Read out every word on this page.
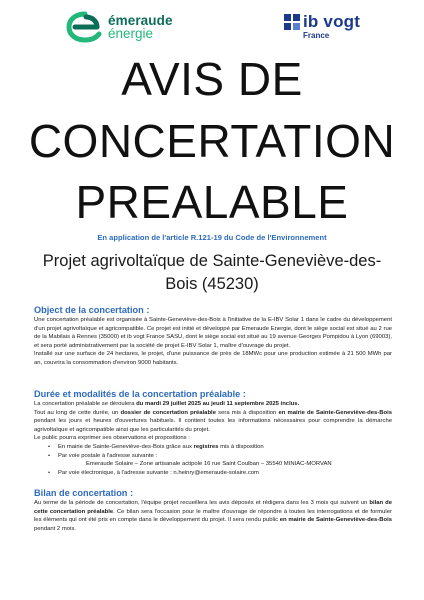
émeraude
énergie
ib vogt
France
AVIS DE
CONCERTATION
PREALABLE
En application de l'article R.121-19 du Code de l'Environnement
Projet agrivoltaïque de Sainte-Geneviève-des-Bois (45230)

Object de la concertation :

Une concertation préalable est organisée à Sainte-Geneviève-des-Bois à l'initiative de la E-IBV Solar 1 dans le cadre du développement d'un projet agrivoltaïque et agricompatible. Ce projet est initié et développé par Emeraude Energie, dont le siège social est situé au 2 rue de la Mabilais à Rennes (35000) et ib vogt France SASU, dont le siège social est situé au 19 avenue Georges Pompidou à Lyon (69003), et sera porté administrativement par la société de projet E-IBV Solar 1, maître d'ouvrage du projet.

Installé sur une surface de 24 hectares, le projet, d'une puissance de près de 18MWc pour une production estimée à 21 500 MWh par an, couvrira la consommation d'environ 9000 habitants.

Durée et modalités de la concertation préalable :

La concertation préalable se déroulera du mardi 29 juillet 2025 au jeudi 11 septembre 2025 inclus.

Tout au long de cette durée, un dossier de concertation préalable sera mis à disposition en mairie de Sainte-Geneviève-des-Bois pendant les jours et heures d'ouvertures habituels. Il contient toutes les informations nécessaires pour comprendre la démarche agrivoltaïque et agricompatible ainsi que les particularités du projet.

Le public pourra exprimer ses observations et propositions :

• En mairie de Sainte-Geneviève-des-Bois grâce aux registres mis à disposition
• Par voie postale à l'adresse suivante :
Emeraude Solaire – Zone artisanale actipole 16 rue Saint Coulban – 35540 MINIAC-MORVAN
• Par voie électronique, à l'adresse suivante : n.heinry@emeraude-solaire.com

Bilan de concertation :

Au terme de la période de concertation, l'équipe projet recueillera les avis déposés et rédigera dans les 3 mois qui suivent un bilan de cette concertation préalable. Ce bilan sera l'occasion pour le maître d'ouvrage de répondre à toutes les interrogations et de formuler les éléments qui ont été pris en compte dans le développement du projet. Il sera rendu public en mairie de Sainte-Geneviève-des-Bois pendant 2 mois.
